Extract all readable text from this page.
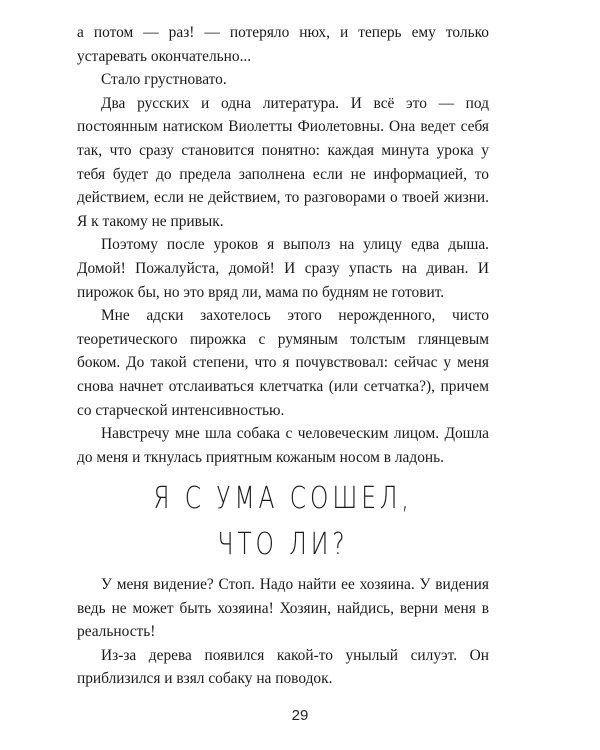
а потом — раз! — потеряло нюх, и теперь ему только устаревать окончательно...

Стало грустновато.

Два русских и одна литература. И всё это — под постоянным натиском Виолетты Фиолетовны. Она ведет себя так, что сразу становится понятно: каждая минута урока у тебя будет до предела заполнена если не информацией, то действием, если не действием, то разговорами о твоей жизни. Я к такому не привык.

Поэтому после уроков я выполз на улицу едва дыша. Домой! Пожалуйста, домой! И сразу упасть на диван. И пирожок бы, но это вряд ли, мама по будням не готовит.

Мне адски захотелось этого нерожденного, чисто теоретического пирожка с румяным толстым глянцевым боком. До такой степени, что я почувствовал: сейчас у меня снова начнет отслаиваться клетчатка (или сетчатка?), причем со старческой интенсивностью.

Навстречу мне шла собака с человеческим лицом. Дошла до меня и ткнулась приятным кожаным носом в ладонь.

Я С УМА СОШЕЛ,
ЧТО ЛИ?

У меня видение? Стоп. Надо найти ее хозяина. У видения ведь не может быть хозяина! Хозяин, найдись, верни меня в реальность!

Из-за дерева появился какой-то унылый силуэт. Он приблизился и взял собаку на поводок.

29
